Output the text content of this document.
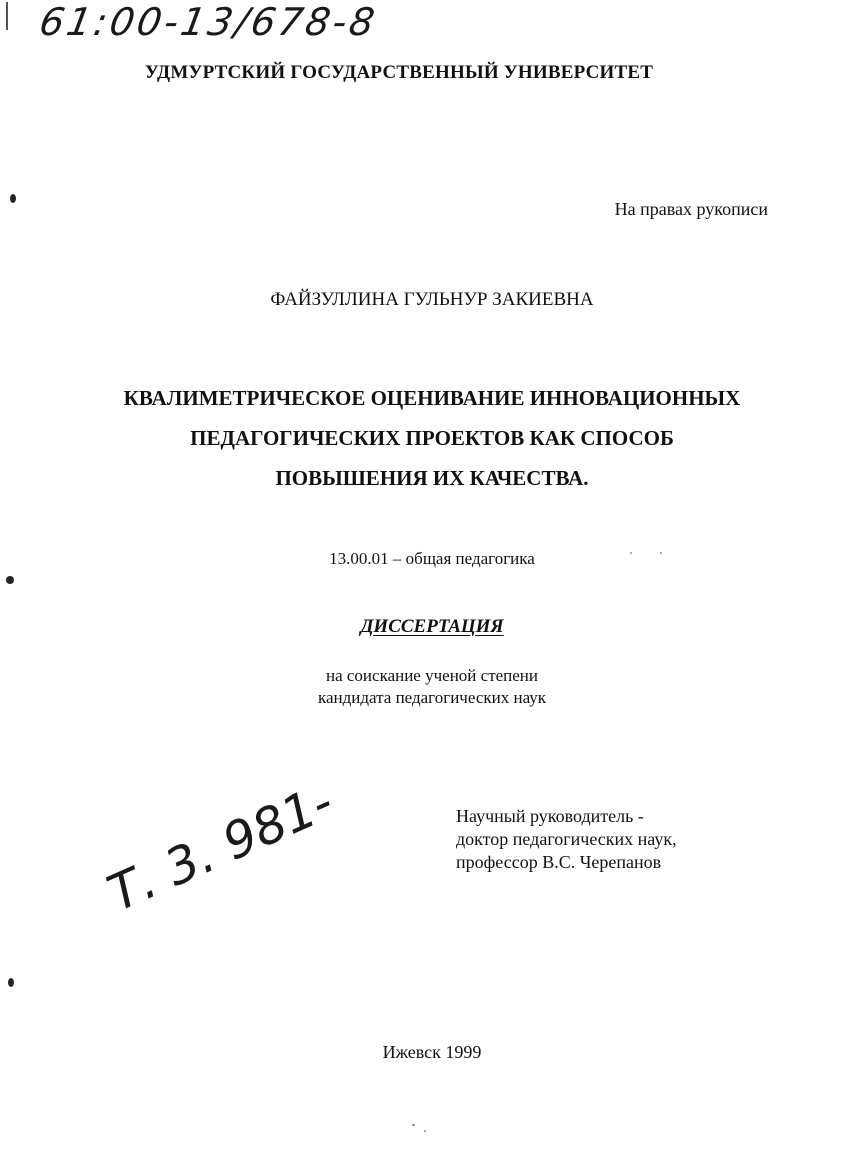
61:00-13/678-8
УДМУРТСКИЙ ГОСУДАРСТВЕННЫЙ УНИВЕРСИТЕТ
На правах рукописи
ФАЙЗУЛЛИНА ГУЛЬНУР ЗАКИЕВНА
КВАЛИМЕТРИЧЕСКОЕ ОЦЕНИВАНИЕ ИННОВАЦИОННЫХ
ПЕДАГОГИЧЕСКИХ ПРОЕКТОВ КАК СПОСОБ
ПОВЫШЕНИЯ ИХ КАЧЕСТВА.
13.00.01 – общая педагогика
ДИССЕРТАЦИЯ
на соискание ученой степени
кандидата педагогических наук
Т. 3. 981-	Научный руководитель -
доктор педагогических наук,
профессор В.С. Черепанов
Ижевск 1999
